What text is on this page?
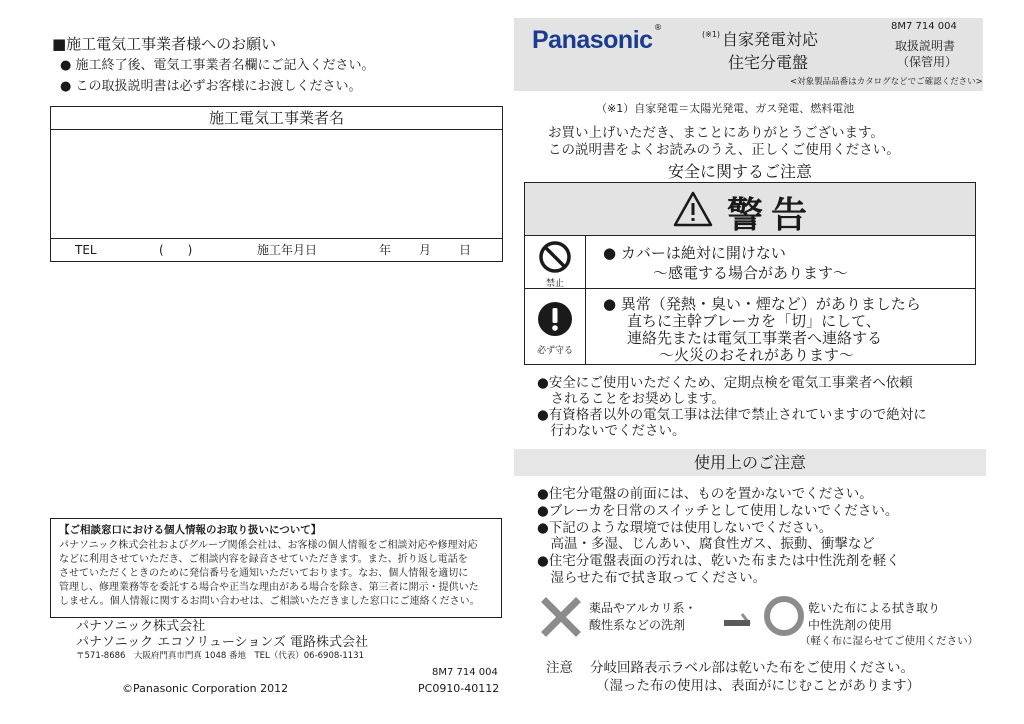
■施工電気工事業者様へのお願い
● 施工終了後、電気工事業者名欄にご記入ください。
● この取扱説明書は必ずお客様にお渡しください。
施工電気工事業者名
TEL	(　　)	施工年月日	年 月 日
【ご相談窓口における個人情報のお取り扱いについて】
パナソニック株式会社およびグループ関係会社は、お客様の個人情報をご相談対応や修理対応
などに利用させていただき、ご相談内容を録音させていただきます。また、折り返し電話を
させていただくときのために発信番号を通知いただいております。なお、個人情報を適切に
管理し、修理業務等を委託する場合や正当な理由がある場合を除き、第三者に開示・提供いた
しません。個人情報に関するお問い合わせは、ご相談いただきました窓口にご連絡ください。
パナソニック株式会社
パナソニック エコソリューションズ 電路株式会社
〒571-8686　大阪府門真市門真 1048 番地　TEL（代表）06-6908-1131
8M7 714 004
©Panasonic Corporation 2012	PC0910-40112
Panasonic ®
(※1) 自家発電対応
住宅分電盤
8M7 714 004
取扱説明書
（保管用）
<対象製品品番はカタログなどでご確認ください>
（※1）自家発電＝太陽光発電、ガス発電、燃料電池
お買い上げいただき、まことにありがとうございます。
この説明書をよくお読みのうえ、正しくご使用ください。
安全に関するご注意
警告
禁止
● カバーは絶対に開けない
〜感電する場合があります〜
必ず守る
● 異常（発熱・臭い・煙など）がありましたら
直ちに主幹ブレーカを「切」にして、
連絡先または電気工事業者へ連絡する
〜火災のおそれがあります〜
●安全にご使用いただくため、定期点検を電気工事業者へ依頼
　されることをお奨めします。
●有資格者以外の電気工事は法律で禁止されていますので絶対に
　行わないでください。
使用上のご注意
●住宅分電盤の前面には、ものを置かないでください。
●ブレーカを日常のスイッチとして使用しないでください。
●下記のような環境では使用しないでください。
　高温・多湿、じんあい、腐食性ガス、振動、衝撃など
●住宅分電盤表面の汚れは、乾いた布または中性洗剤を軽く
　湿らせた布で拭き取ってください。
薬品やアルカリ系・
酸性系などの洗剤
乾いた布による拭き取り
中性洗剤の使用
（軽く布に湿らせてご使用ください）
注意 分岐回路表示ラベル部は乾いた布をご使用ください。
（湿った布の使用は、表面がにじむことがあります）
